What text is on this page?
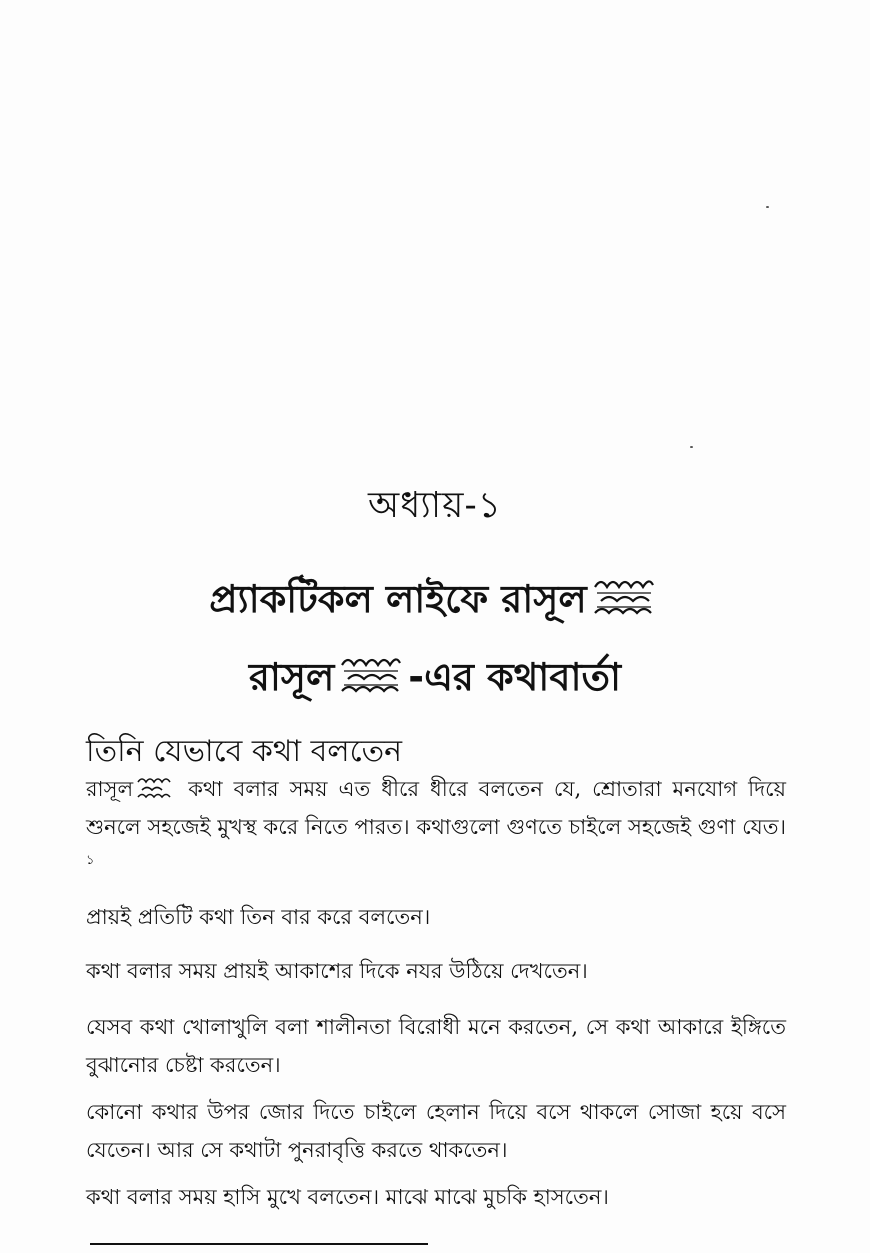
অধ্যায়-১
প্র্যাকটিকল লাইফে রাসূল
রাসূল -এর কথাবার্তা
তিনি যেভাবে কথা বলতেন
রাসূল	কথা বলার সময় এত ধীরে ধীরে বলতেন যে, শ্রোতারা মনযোগ দিয়ে শুনলে সহজেই মুখস্থ করে নিতে পারত। কথাগুলো গুণতে চাইলে সহজেই গুণা যেত।$^১$
প্রায়ই প্রতিটি কথা তিন বার করে বলতেন।
কথা বলার সময় প্রায়ই আকাশের দিকে নযর উঠিয়ে দেখতেন।
যেসব কথা খোলাখুলি বলা শালীনতা বিরোধী মনে করতেন, সে কথা আকারে ইঙ্গিতে বুঝানোর চেষ্টা করতেন।
কোনো কথার উপর জোর দিতে চাইলে হেলান দিয়ে বসে থাকলে সোজা হয়ে বসে যেতেন। আর সে কথাটা পুনরাবৃত্তি করতে থাকতেন।
কথা বলার সময় হাসি মুখে বলতেন। মাঝে মাঝে মুচকি হাসতেন।
